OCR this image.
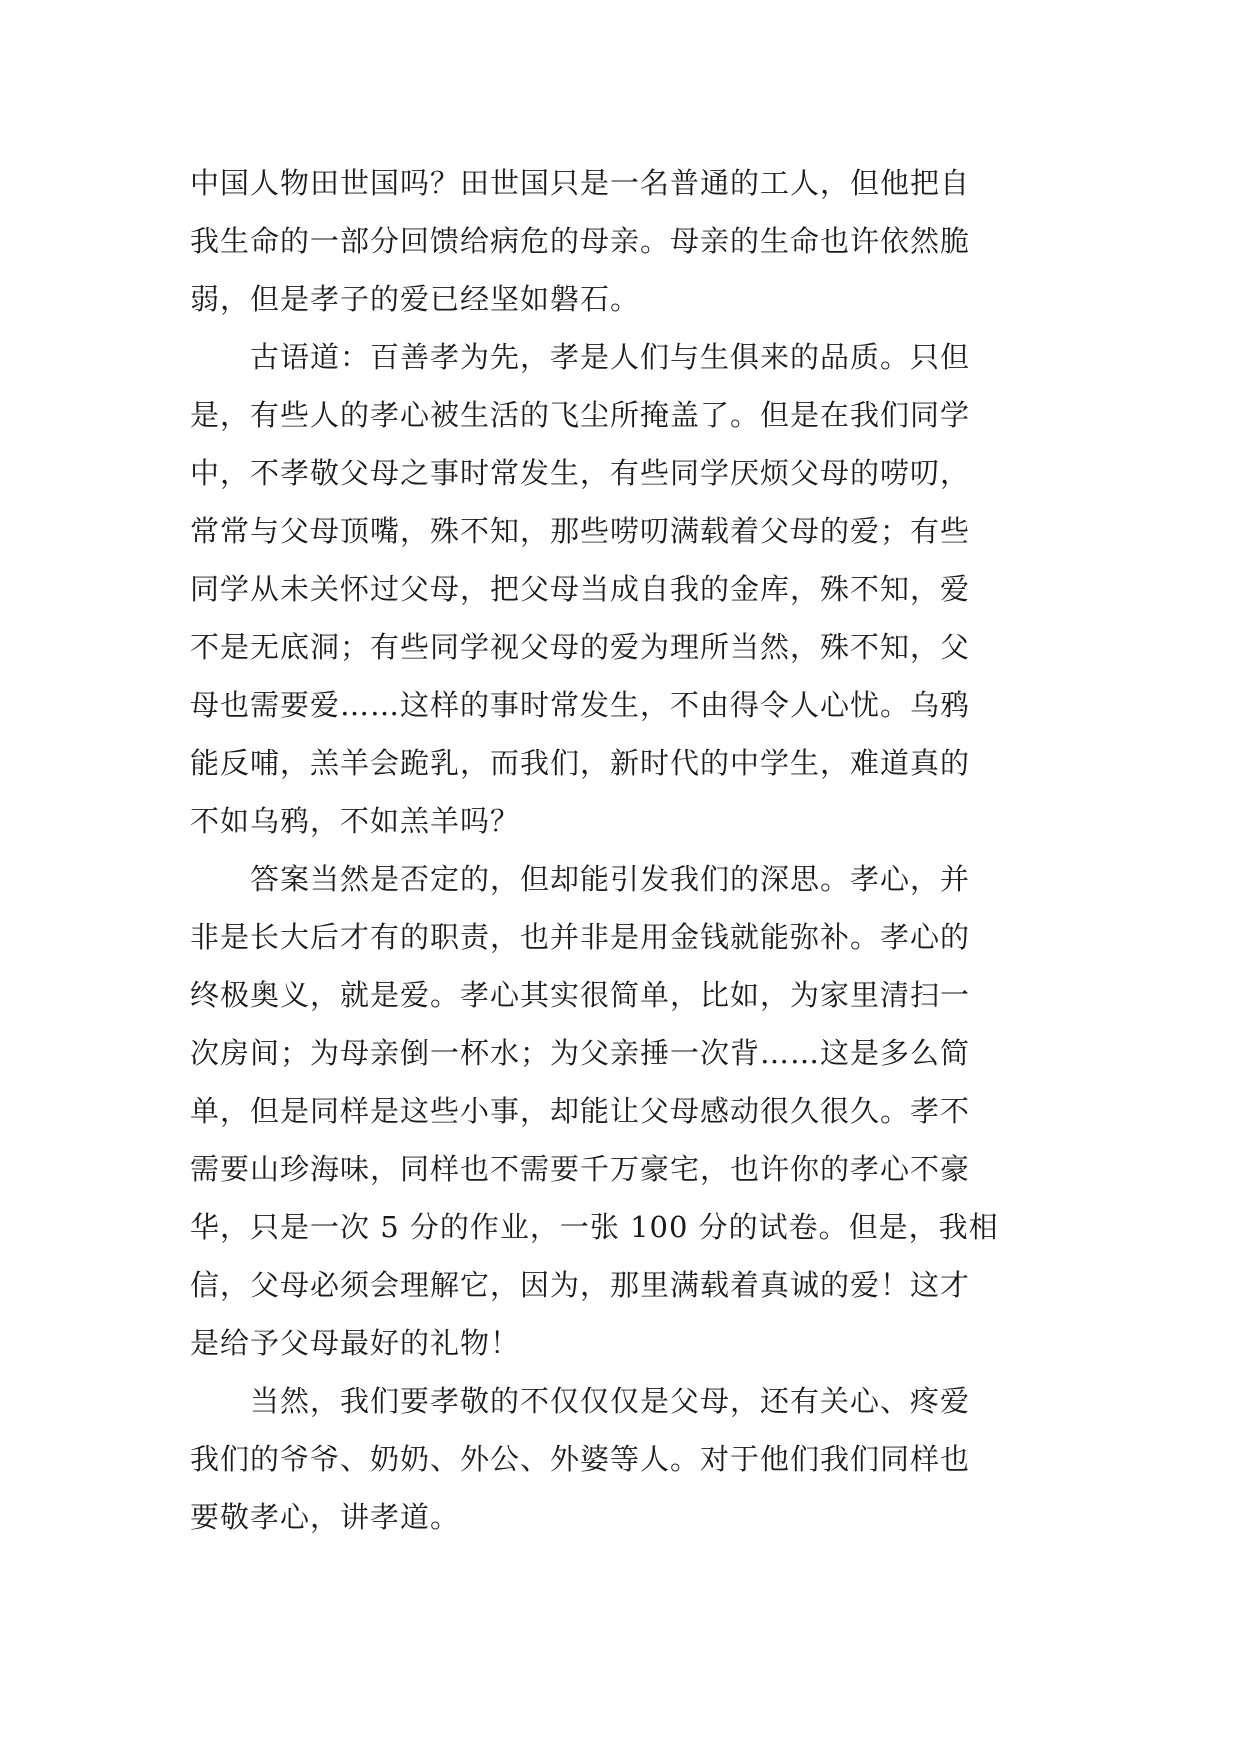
中国人物田世国吗？田世国只是一名普通的工人，但他把自
我生命的一部分回馈给病危的母亲。母亲的生命也许依然脆
弱，但是孝子的爱已经坚如磐石。
　　古语道：百善孝为先，孝是人们与生俱来的品质。只但
是，有些人的孝心被生活的飞尘所掩盖了。但是在我们同学
中，不孝敬父母之事时常发生，有些同学厌烦父母的唠叨，
常常与父母顶嘴，殊不知，那些唠叨满载着父母的爱；有些
同学从未关怀过父母，把父母当成自我的金库，殊不知，爱
不是无底洞；有些同学视父母的爱为理所当然，殊不知，父
母也需要爱……这样的事时常发生，不由得令人心忧。乌鸦
能反哺，羔羊会跪乳，而我们，新时代的中学生，难道真的
不如乌鸦，不如羔羊吗？
　　答案当然是否定的，但却能引发我们的深思。孝心，并
非是长大后才有的职责，也并非是用金钱就能弥补。孝心的
终极奥义，就是爱。孝心其实很简单，比如，为家里清扫一
次房间；为母亲倒一杯水；为父亲捶一次背……这是多么简
单，但是同样是这些小事，却能让父母感动很久很久。孝不
需要山珍海味，同样也不需要千万豪宅，也许你的孝心不豪
华，只是一次 5 分的作业，一张 100 分的试卷。但是，我相
信，父母必须会理解它，因为，那里满载着真诚的爱！这才
是给予父母最好的礼物！
　　当然，我们要孝敬的不仅仅仅是父母，还有关心、疼爱
我们的爷爷、奶奶、外公、外婆等人。对于他们我们同样也
要敬孝心，讲孝道。
